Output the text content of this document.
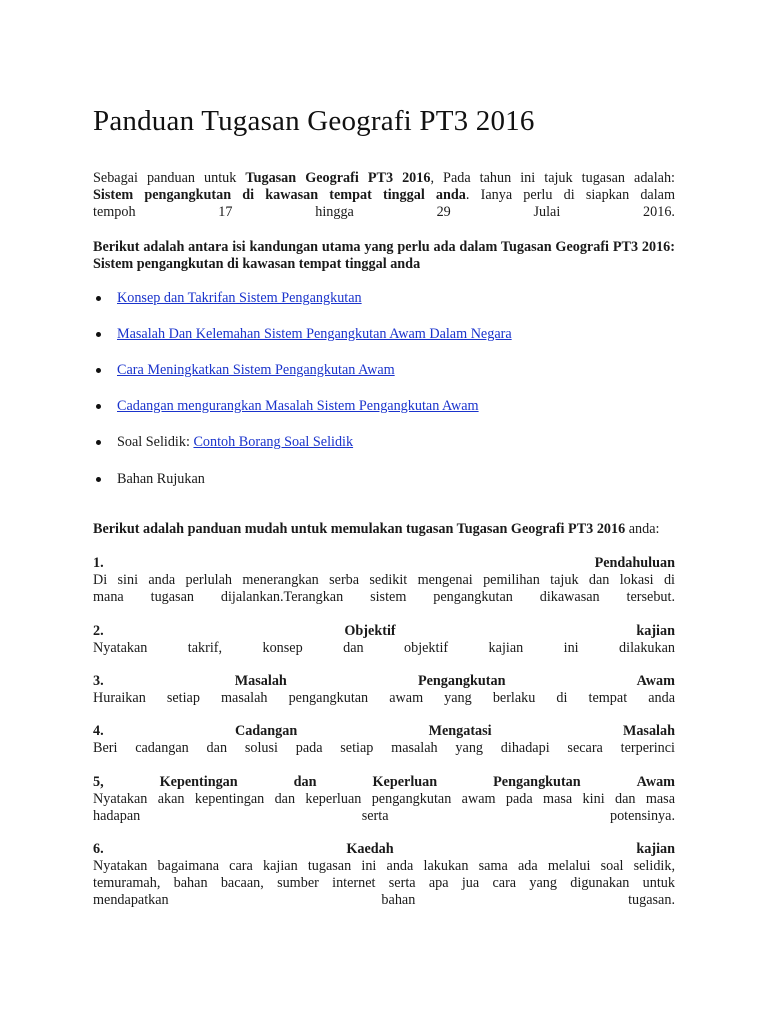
Panduan Tugasan Geografi PT3 2016
Sebagai panduan untuk Tugasan Geografi PT3 2016, Pada tahun ini tajuk tugasan adalah:
Sistem pengangkutan di kawasan tempat tinggal anda. Ianya perlu di siapkan dalam
tempoh	17	hingga	29	Julai	2016.
Berikut adalah antara isi kandungan utama yang perlu ada dalam Tugasan Geografi PT3 2016: Sistem pengangkutan di kawasan tempat tinggal anda
Konsep dan Takrifan Sistem Pengangkutan
Masalah Dan Kelemahan Sistem Pengangkutan Awam Dalam Negara
Cara Meningkatkan Sistem Pengangkutan Awam
Cadangan mengurangkan Masalah Sistem Pengangkutan Awam
Soal Selidik: Contoh Borang Soal Selidik
Bahan Rujukan
Berikut adalah panduan mudah untuk memulakan tugasan Tugasan Geografi PT3 2016 anda:
1.	Pendahuluan
Di sini anda perlulah menerangkan serba sedikit mengenai pemilihan tajuk dan lokasi di
mana tugasan dijalankan.Terangkan sistem pengangkutan dikawasan tersebut.
2.	Objektif	kajian
Nyatakan takrif, konsep dan objektif kajian ini dilakukan
3.	Masalah	Pengangkutan	Awam
Huraikan setiap masalah pengangkutan awam yang berlaku di tempat anda
4.	Cadangan	Mengatasi	Masalah
Beri cadangan dan solusi pada setiap masalah yang dihadapi secara terperinci
5,	Kepentingan	dan	Keperluan	Pengangkutan	Awam
Nyatakan akan kepentingan dan keperluan pengangkutan awam pada masa kini dan masa
hadapan serta potensinya.
6.	Kaedah	kajian
Nyatakan bagaimana cara kajian tugasan ini anda lakukan sama ada melalui soal selidik,
temuramah, bahan bacaan, sumber internet serta apa jua cara yang digunakan untuk
mendapatkan bahan tugasan.
